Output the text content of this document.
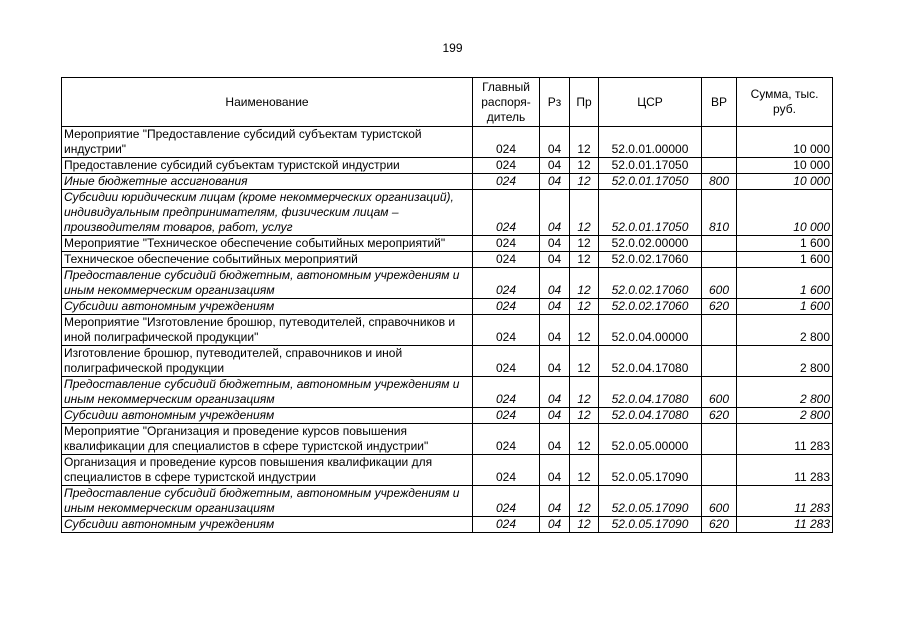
199
Наименование	Главный распоря-дитель	Рз	Пр	ЦСР	ВР	Сумма, тыс. руб.
Мероприятие "Предоставление субсидий субъектам туристской индустрии"	024	04	12	52.0.01.00000		10 000
Предоставление субсидий субъектам туристской индустрии	024	04	12	52.0.01.17050		10 000
Иные бюджетные ассигнования	024	04	12	52.0.01.17050	800	10 000
Субсидии юридическим лицам (кроме некоммерческих организаций), индивидуальным предпринимателям, физическим лицам – производителям товаров, работ, услуг	024	04	12	52.0.01.17050	810	10 000
Мероприятие "Техническое обеспечение событийных мероприятий"	024	04	12	52.0.02.00000		1 600
Техническое обеспечение событийных мероприятий	024	04	12	52.0.02.17060		1 600
Предоставление субсидий бюджетным, автономным учреждениям и иным некоммерческим организациям	024	04	12	52.0.02.17060	600	1 600
Субсидии автономным учреждениям	024	04	12	52.0.02.17060	620	1 600
Мероприятие "Изготовление брошюр, путеводителей, справочников и иной полиграфической продукции"	024	04	12	52.0.04.00000		2 800
Изготовление брошюр, путеводителей, справочников и иной полиграфической продукции	024	04	12	52.0.04.17080		2 800
Предоставление субсидий бюджетным, автономным учреждениям и иным некоммерческим организациям	024	04	12	52.0.04.17080	600	2 800
Субсидии автономным учреждениям	024	04	12	52.0.04.17080	620	2 800
Мероприятие "Организация и проведение курсов повышения квалификации для специалистов в сфере туристской индустрии"	024	04	12	52.0.05.00000		11 283
Организация и проведение курсов повышения квалификации для специалистов в сфере туристской индустрии	024	04	12	52.0.05.17090		11 283
Предоставление субсидий бюджетным, автономным учреждениям и иным некоммерческим организациям	024	04	12	52.0.05.17090	600	11 283
Субсидии автономным учреждениям	024	04	12	52.0.05.17090	620	11 283
